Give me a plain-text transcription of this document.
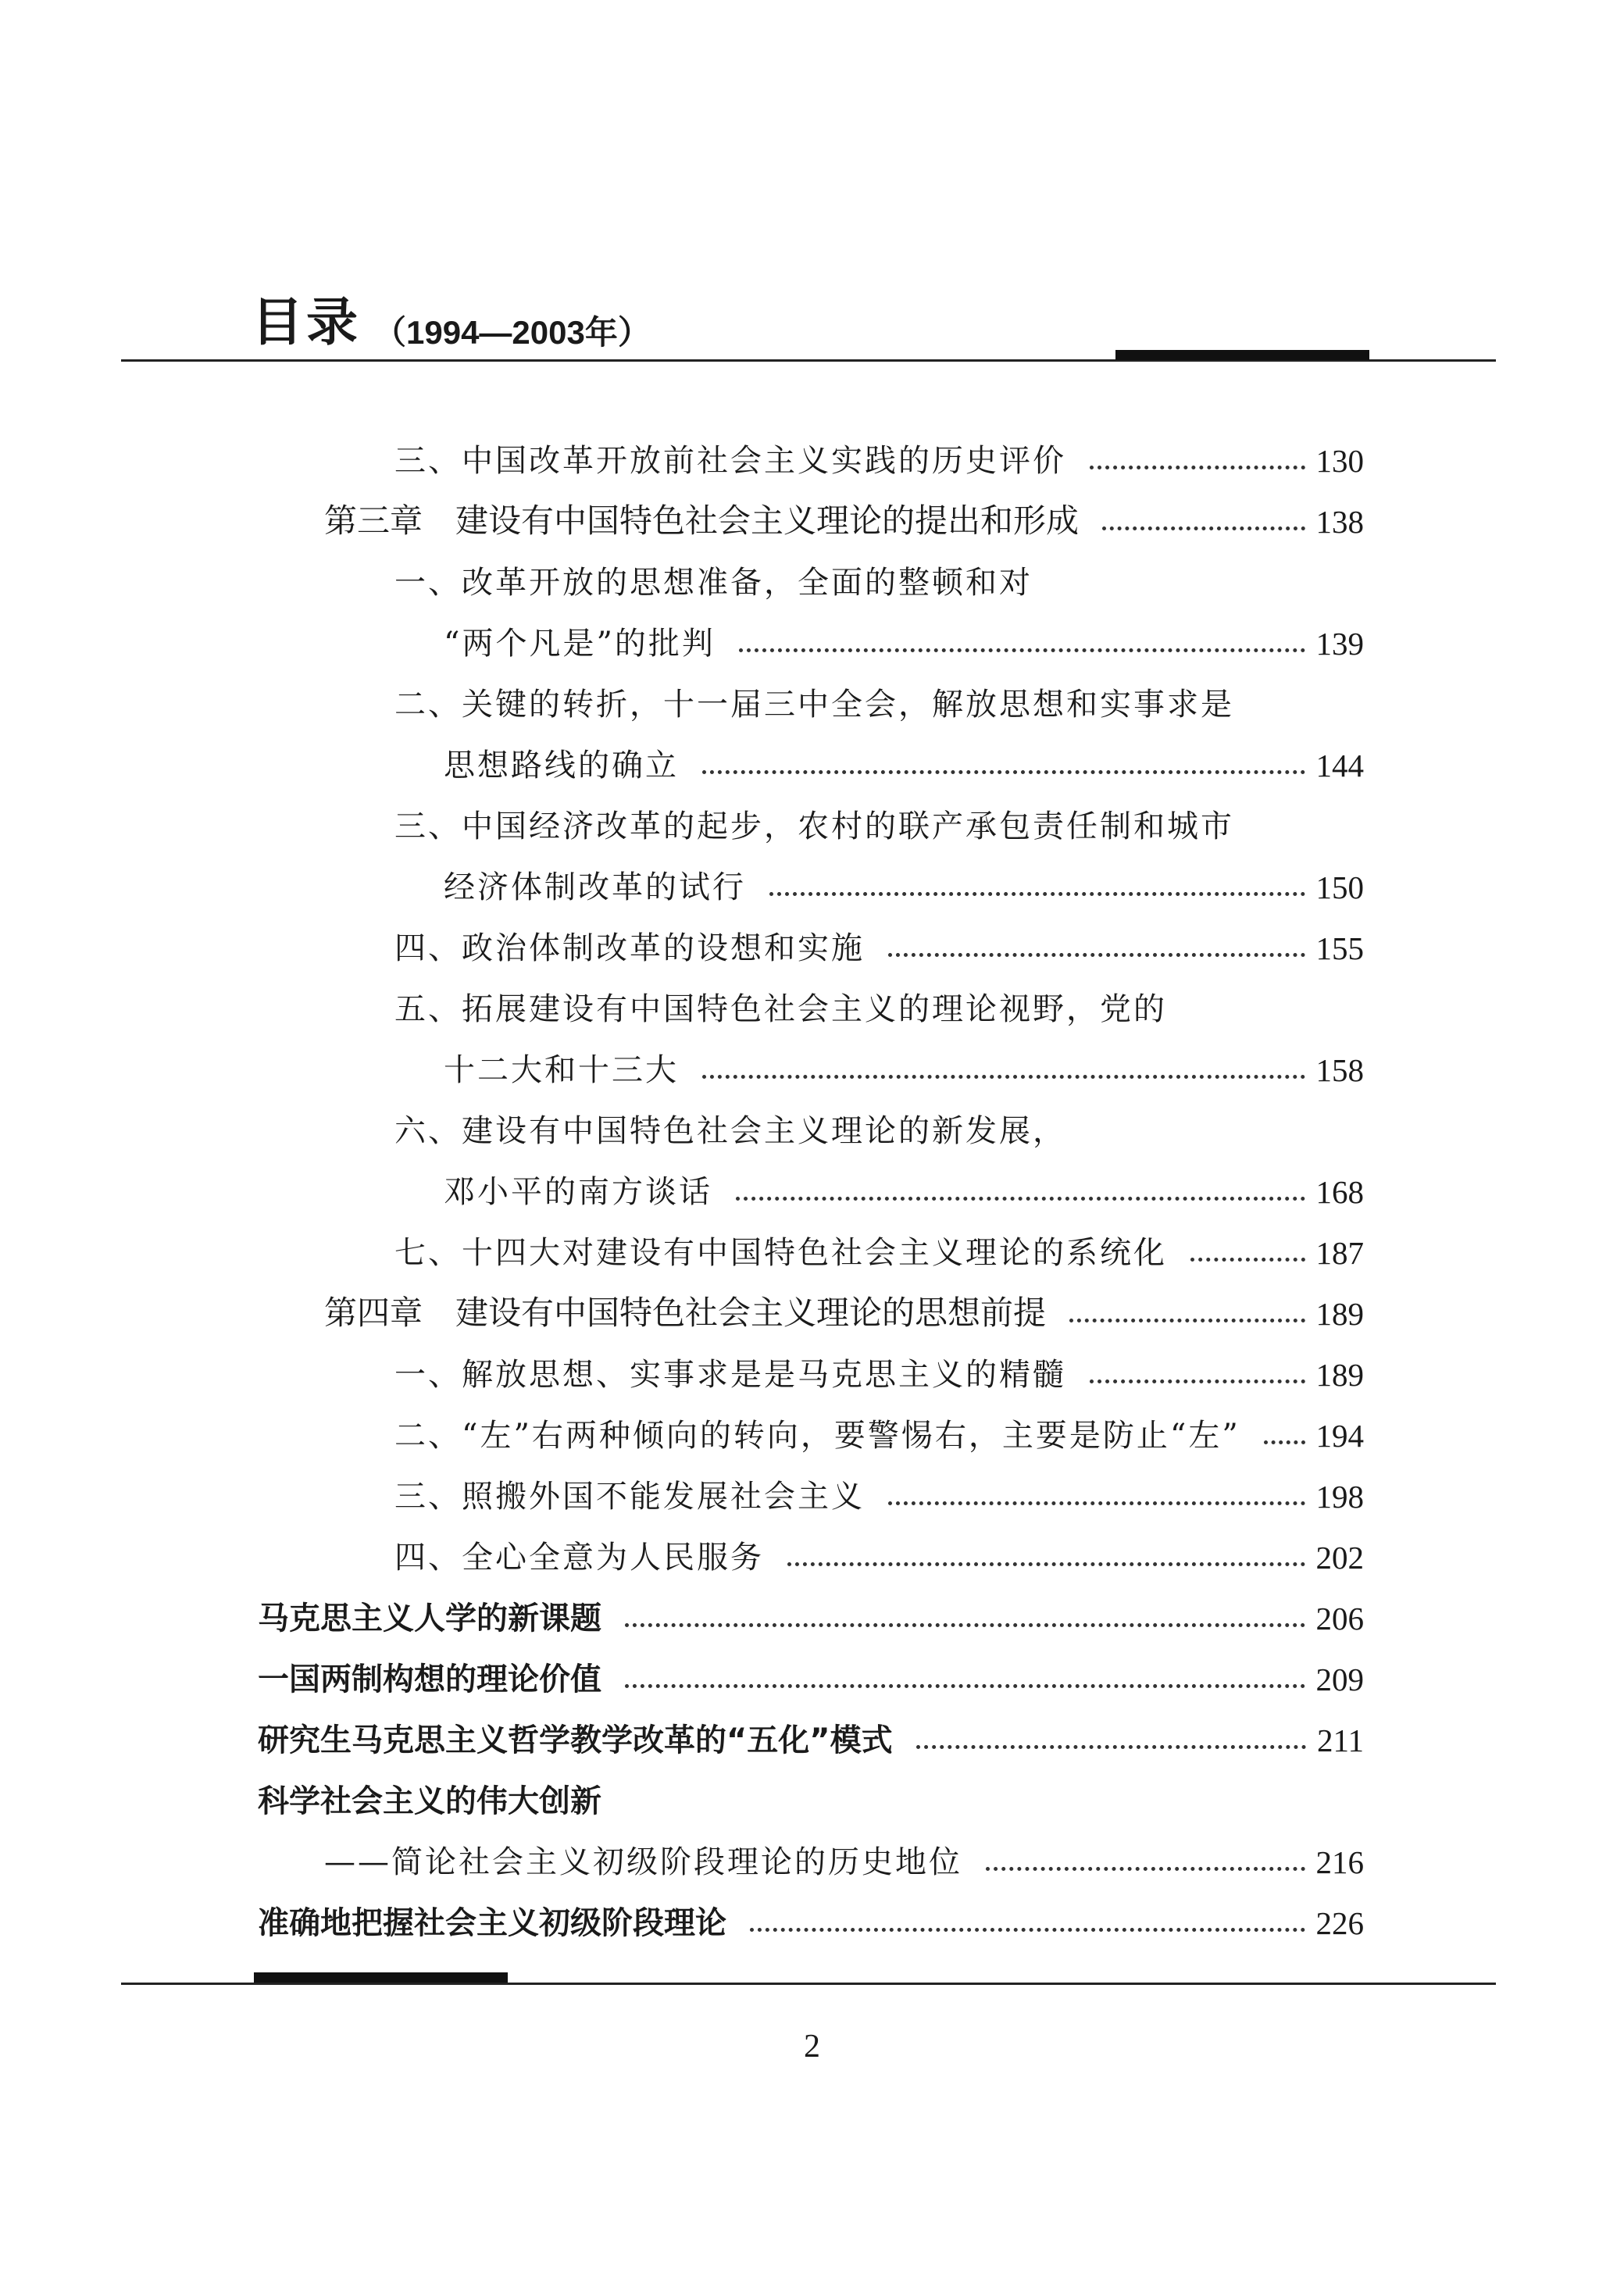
目录 （1994—2003年）
三、中国改革开放前社会主义实践的历史评价	130
第三章 建设有中国特色社会主义理论的提出和形成	138
一、改革开放的思想准备，全面的整顿和对
“两个凡是”的批判	139
二、关键的转折，十一届三中全会，解放思想和实事求是
思想路线的确立	144
三、中国经济改革的起步，农村的联产承包责任制和城市
经济体制改革的试行	150
四、政治体制改革的设想和实施	155
五、拓展建设有中国特色社会主义的理论视野，党的
十二大和十三大	158
六、建设有中国特色社会主义理论的新发展，
邓小平的南方谈话	168
七、十四大对建设有中国特色社会主义理论的系统化	187
第四章 建设有中国特色社会主义理论的思想前提	189
一、解放思想、实事求是是马克思主义的精髓	189
二、“左”右两种倾向的转向，要警惕右，主要是防止“左” 194
三、照搬外国不能发展社会主义	198
四、全心全意为人民服务	202
马克思主义人学的新课题	206
一国两制构想的理论价值	209
研究生马克思主义哲学教学改革的“五化”模式	211
科学社会主义的伟大创新
——简论社会主义初级阶段理论的历史地位	216
准确地把握社会主义初级阶段理论	226
2
